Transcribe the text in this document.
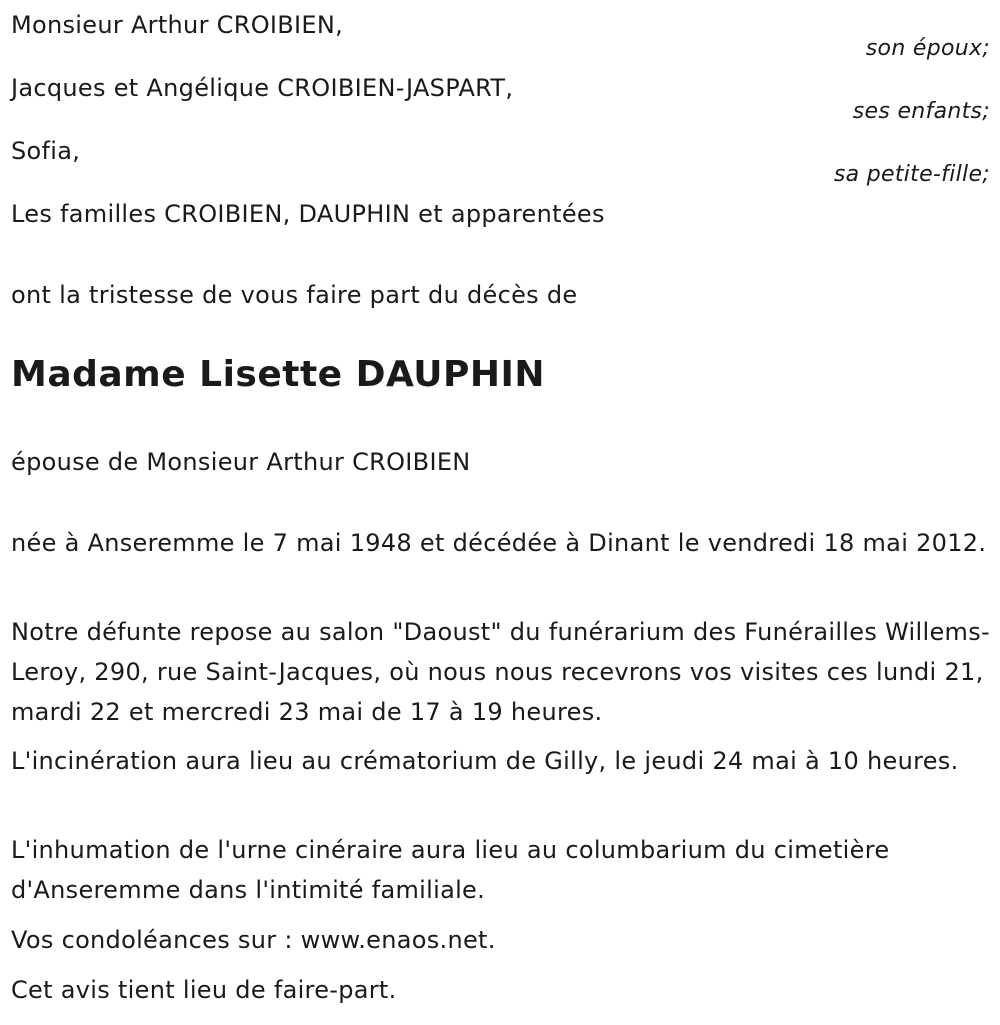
Monsieur Arthur CROIBIEN,
son époux;
Jacques et Angélique CROIBIEN-JASPART,
ses enfants;
Sofia,
sa petite-fille;
Les familles CROIBIEN, DAUPHIN et apparentées
ont la tristesse de vous faire part du décès de
Madame Lisette DAUPHIN
épouse de Monsieur Arthur CROIBIEN
née à Anseremme le 7 mai 1948 et décédée à Dinant le vendredi 18 mai 2012.
Notre défunte repose au salon "Daoust" du funérarium des Funérailles Willems-Leroy, 290, rue Saint-Jacques, où nous nous recevrons vos visites ces lundi 21, mardi 22 et mercredi 23 mai de 17 à 19 heures.
L'incinération aura lieu au crématorium de Gilly, le jeudi 24 mai à 10 heures.
L'inhumation de l'urne cinéraire aura lieu au columbarium du cimetière d'Anseremme dans l'intimité familiale.
Vos condoléances sur : www.enaos.net.
Cet avis tient lieu de faire-part.
